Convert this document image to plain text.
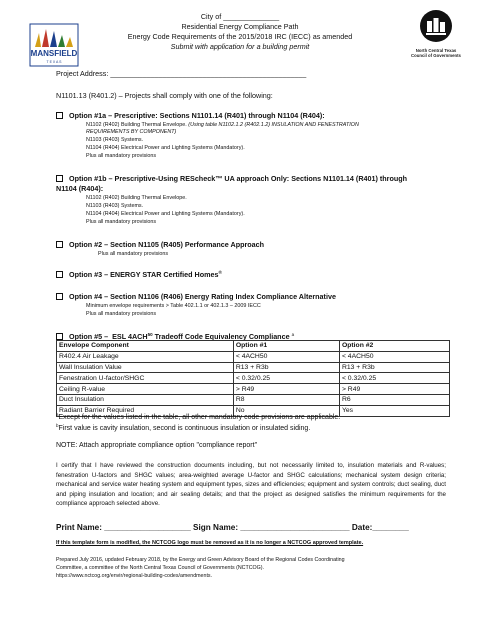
MANSFIELD
T E X A S
North Central Texas
Council of Governments
City of ______________
Residential Energy Compliance Path
Energy Code Requirements of the 2015/2018 IRC (IECC) as amended
Submit with application for a building permit
Project Address: _________________________________________________
N1101.13 (R401.2) – Projects shall comply with one of the following:
Option #1a – Prescriptive: Sections N1101.14 (R401) through N1104 (R404):
N1102 (R402) Building Thermal Envelope. (Using table N1102.1.2 (R402.1.2) INSULATION AND FENESTRATION
REQUIREMENTS BY COMPONENT)
N1103 (R403) Systems.
N1104 (R404) Electrical Power and Lighting Systems (Mandatory).
Plus all mandatory provisions
Option #1b – Prescriptive-Using REScheck™ UA approach Only: Sections N1101.14 (R401) through
N1104 (R404):
N1102 (R402) Building Thermal Envelope.
N1103 (R403) Systems.
N1104 (R404) Electrical Power and Lighting Systems (Mandatory).
Plus all mandatory provisions
Option #2 – Section N1105 (R405) Performance Approach
Plus all mandatory provisions
Option #3 – ENERGY STAR Certified Homes®
Option #4 – Section N1106 (R406) Energy Rating Index Compliance Alternative
Minimum envelope requirements > Table 402.1.1 or 402.1.3 – 2009 IECC
Plus all mandatory provisions
Option #5 – ESL 4ACH$^{50}$ Tradeoff Code Equivalency Compliance $^a$
Envelope Component	Option #1	Option #2
R402.4 Air Leakage	< 4ACH50	< 4ACH50
Wall Insulation Value	R13 + R3b	R13 + R3b
Fenestration U-factor/SHGC	< 0.32/0.25	< 0.32/0.25
Ceiling R-value	> R49	> R49
Duct Insulation	R8	R6
Radiant Barrier Required	No	Yes
$^a$Except for the values listed in the table, all other mandatory code provisions are applicable.
$^b$First value is cavity insulation, second is continuous insulation or insulated siding.
NOTE: Attach appropriate compliance option "compliance report"
I certify that I have reviewed the construction documents including, but not necessarily limited to, insulation materials and R-values; fenestration U-factors and SHGC values; area-weighted average U-factor and SHGC calculations; mechanical system design criteria; mechanical and service water heating system and equipment types, sizes and efficiencies; equipment and system controls; duct sealing, duct and piping insulation and location; and air sealing details; and that the project as designed satisfies the minimum requirements for the compliance approach selected above.
Print Name: ___________________ Sign Name: ________________________ Date:________
If this template form is modified, the NCTCOG logo must be removed as it is no longer a NCTCOG approved template.
Prepared July 2016, updated February 2018, by the Energy and Green Advisory Board of the Regional Codes Coordinating
Committee, a committee of the North Central Texas Council of Governments (NCTCOG).
https://www.nctcog.org/envir/regional-building-codes/amendments.
